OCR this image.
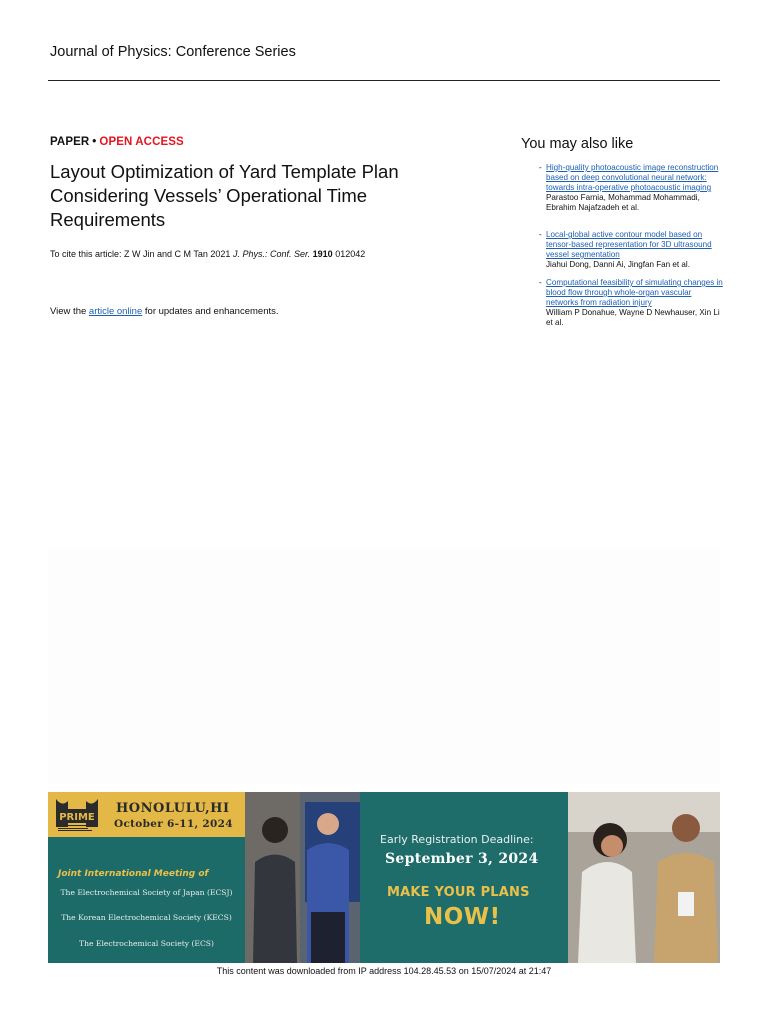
Journal of Physics: Conference Series
PAPER • OPEN ACCESS
Layout Optimization of Yard Template Plan Considering Vessels’ Operational Time Requirements
To cite this article: Z W Jin and C M Tan 2021 J. Phys.: Conf. Ser. 1910 012042
View the article online for updates and enhancements.
You may also like
- High-quality photoacoustic image reconstruction based on deep convolutional neural network: towards intra-operative photoacoustic imaging
Parastoo Farnia, Mohammad Mohammadi, Ebrahim Najafzadeh et al.
- Local-global active contour model based on tensor-based representation for 3D ultrasound vessel segmentation
Jiahui Dong, Danni Ai, Jingfan Fan et al.
- Computational feasibility of simulating changes in blood flow through whole-organ vascular networks from radiation injury
William P Donahue, Wayne D Newhauser, Xin Li et al.
PRIME
HONOLULU,HI
October 6-11, 2024
Joint International Meeting of
The Electrochemical Society of Japan (ECSJ)
The Korean Electrochemical Society (KECS)
The Electrochemical Society (ECS)
Early Registration Deadline:
September 3, 2024
MAKE YOUR PLANS
NOW!
This content was downloaded from IP address 104.28.45.53 on 15/07/2024 at 21:47
